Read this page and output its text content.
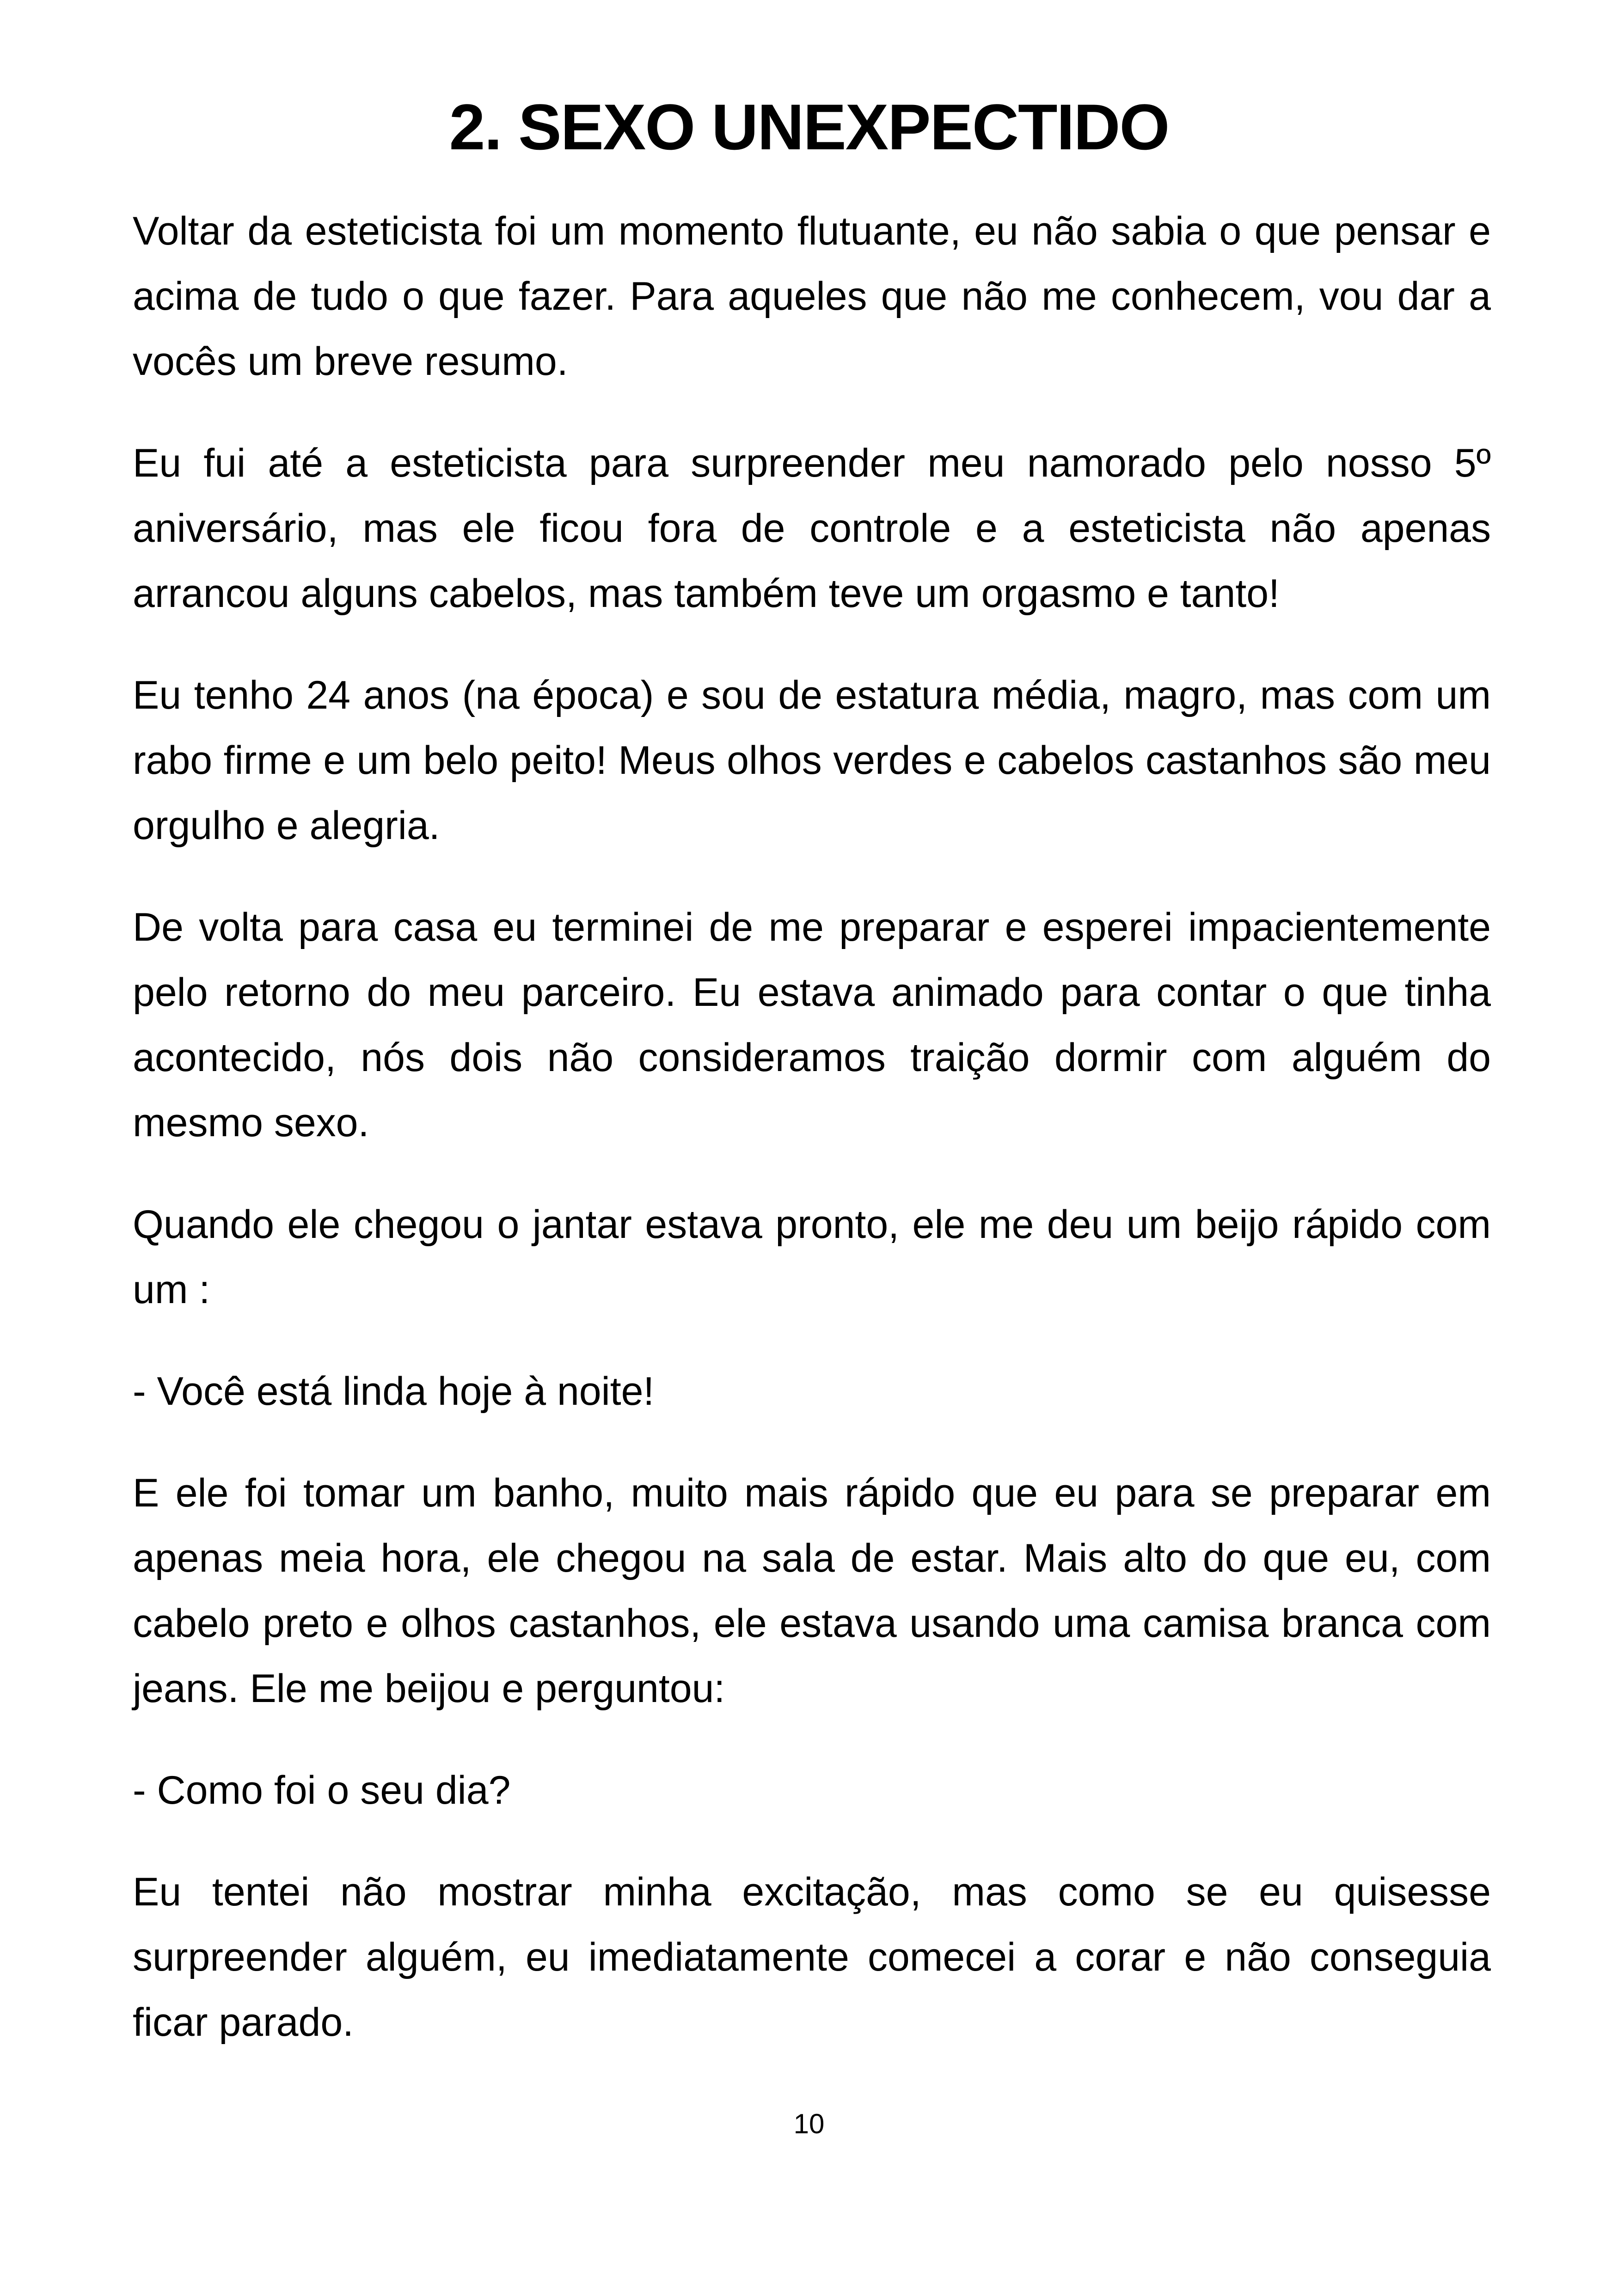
2. SEXO UNEXPECTIDO

Voltar da esteticista foi um momento flutuante, eu não sabia o que pensar e acima de tudo o que fazer. Para aqueles que não me conhecem, vou dar a vocês um breve resumo.

Eu fui até a esteticista para surpreender meu namorado pelo nosso 5º aniversário, mas ele ficou fora de controle e a esteticista não apenas arrancou alguns cabelos, mas também teve um orgasmo e tanto!

Eu tenho 24 anos (na época) e sou de estatura média, magro, mas com um rabo firme e um belo peito! Meus olhos verdes e cabelos castanhos são meu orgulho e alegria.

De volta para casa eu terminei de me preparar e esperei impacientemente pelo retorno do meu parceiro. Eu estava animado para contar o que tinha acontecido, nós dois não consideramos traição dormir com alguém do mesmo sexo.

Quando ele chegou o jantar estava pronto, ele me deu um beijo rápido com um :

- Você está linda hoje à noite!

E ele foi tomar um banho, muito mais rápido que eu para se preparar em apenas meia hora, ele chegou na sala de estar. Mais alto do que eu, com cabelo preto e olhos castanhos, ele estava usando uma camisa branca com jeans. Ele me beijou e perguntou:

- Como foi o seu dia?

Eu tentei não mostrar minha excitação, mas como se eu quisesse surpreender alguém, eu imediatamente comecei a corar e não conseguia ficar parado.

10
